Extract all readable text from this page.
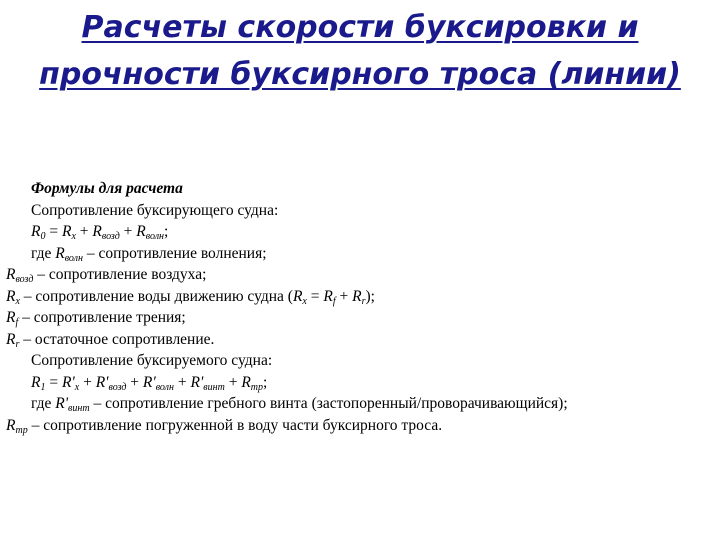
Расчеты скорости буксировки и
прочности буксирного троса (линии)
Формулы для расчета
Сопротивление буксирующего судна:
$R_0 = R_x + R_{возд} + R_{волн}$;
где $R_{волн}$ – сопротивление волнения;
$R_{возд}$ – сопротивление воздуха;
$R_x$ – сопротивление воды движению судна $(R_x = R_f + R_r)$;
$R_f$ – сопротивление трения;
$R_r$ – остаточное сопротивление.
Сопротивление буксируемого судна:
$R_1 = R'_x + R'_{возд} + R'_{волн} + R'_{винт} + R_{тр}$;
где $R'_{винт}$ – сопротивление гребного винта (застопоренный/проворачивающийся);
$R_{тр}$ – сопротивление погруженной в воду части буксирного троса.
